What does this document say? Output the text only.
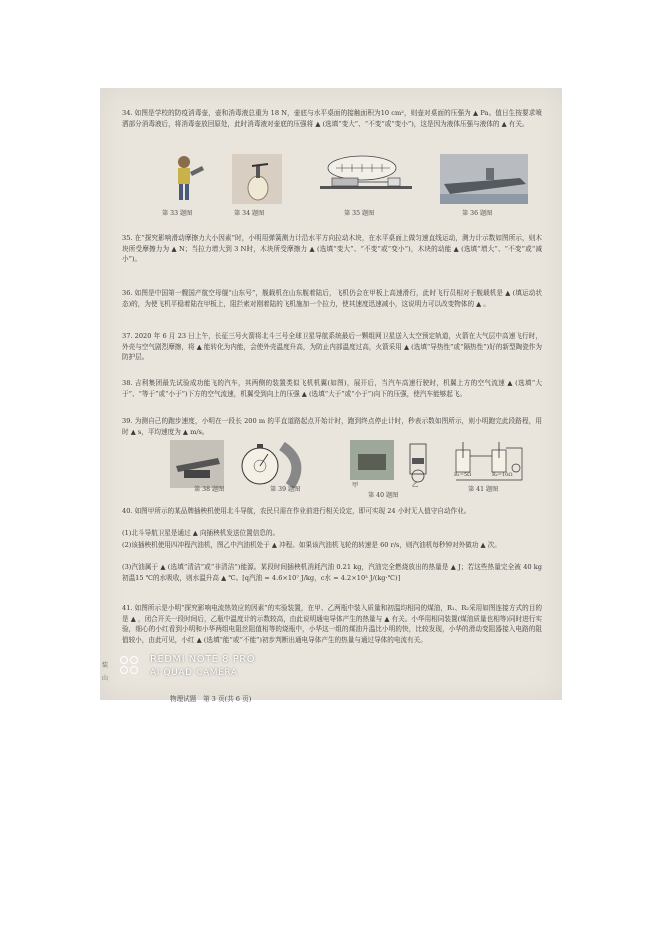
34. 如图是学校的防疫消毒壶，壶和消毒液总重为 18 N，壶底与水平桌面的接触面积为10 cm²，则壶对桌面的压强为 ▲ Pa。值日生按要求喷洒部分消毒液后，将消毒壶放回原处，此时消毒液对壶底的压强将 ▲ (选填“变大”、“不变”或“变小”)，这是因为液体压强与液体的 ▲ 有关。

第 33 题图	第 34 题图	第 35 题图	第 36 题图

35. 在“探究影响滑动摩擦力大小因素”时，小明用弹簧测力计沿水平方向拉动木块，在水平桌面上做匀速直线运动，测力计示数如图所示，则木块所受摩擦力为 ▲ N；当拉力增大到 3 N时，木块所受摩擦力 ▲ (选填“变大”、“不变”或“变小”)，木块的动能 ▲ (选填“增大”、“不变”或“减小”)。

36. 如图是中国第一艘国产航空母舰“山东号”，舰载机在山东舰着陆后，飞机仍会在甲板上高速滑行，此时飞行员相对于舰载机是 ▲ (填运动状态)的，为使飞机平稳着陆在甲板上，阻拦索对刚着陆的飞机施加一个拉力，使其速度迅速减小，这说明力可以改变物体的 ▲ 。

37. 2020 年 6 月 23 日上午，长征三号火箭将北斗三号全球卫星导航系统最后一颗组网卫星送入太空预定轨道，火箭在大气层中高速飞行时，外壳与空气剧烈摩擦，将 ▲ 能转化为内能，会使外壳温度升高，为防止内部温度过高，火箭采用 ▲ (选填“导热性”或“隔热性”)好的新型陶瓷作为防护层。

38. 吉利集团最先试验成功能飞的汽车，其两侧的装置类似飞机机翼(如图)，展开后，当汽车高速行驶时，机翼上方的空气流速 ▲ (选填“大于”、“等于”或“小于”)下方的空气流速，机翼受到向上的压强 ▲ (选填“大于”或“小于”)向下的压强，使汽车能够起飞。

39. 为测自己的跑步速度，小明在一段长 200 m 的平直道路起点开始计时，跑到终点停止计时，秒表示数如图所示，则小明跑完此段路程，用时 ▲ s，平均速度为 ▲ m/s。

第 38 题图	第 39 题图
甲	乙
第 40 题图
R₁=5Ω	R₂=10Ω
第 41 题图

40. 如图甲所示的某品牌插秧机使用北斗导航，农民只需在作业前进行相关设定，即可实现 24 小时无人值守自动作业。

(1)北斗导航卫星是通过 ▲ 向插秧机发送位置信息的。

(2)该插秧机使用四冲程汽油机，图乙中汽油机处于 ▲ 冲程。如果该汽油机飞轮的转速是 60 r/s，则汽油机每秒钟对外做功 ▲ 次。

(3)汽油属于 ▲ (选填“清洁”或“非清洁”)能源。某段时间插秧机消耗汽油 0.21 kg，汽油完全燃烧放出的热量是 ▲ J；若这些热量完全被 40 kg 初温15 ℃的水吸收，则水温升高 ▲ ℃。[q汽油 = 4.6×10⁷ J/kg，c水 = 4.2×10³ J/(kg·℃)]

41. 如图所示是小明“探究影响电流热效应的因素”的实验装置，在甲、乙两瓶中装入质量和初温均相同的煤油，R₁、R₂采用如图连接方式的目的是 ▲ ，闭合开关一段时间后，乙瓶中温度计的示数较高，由此说明通电导体产生的热量与 ▲ 有关。小华用相同装置(煤油质量也相等)同时进行实验，细心的小红看到小明和小华两组电阻丝阻值相等的烧瓶中，小华这一组的煤油升温比小明的快，比较发现，小华的滑动变阻器接入电路的阻值较小，由此可见，小红 ▲ (选填“能”或“不能”)初步判断出通电导体产生的热量与通过导体的电流有关。

装
山
REDMI NOTE 8 PRO
AI QUAD CAMERA
物理试题　第 3 页(共 6 页)
